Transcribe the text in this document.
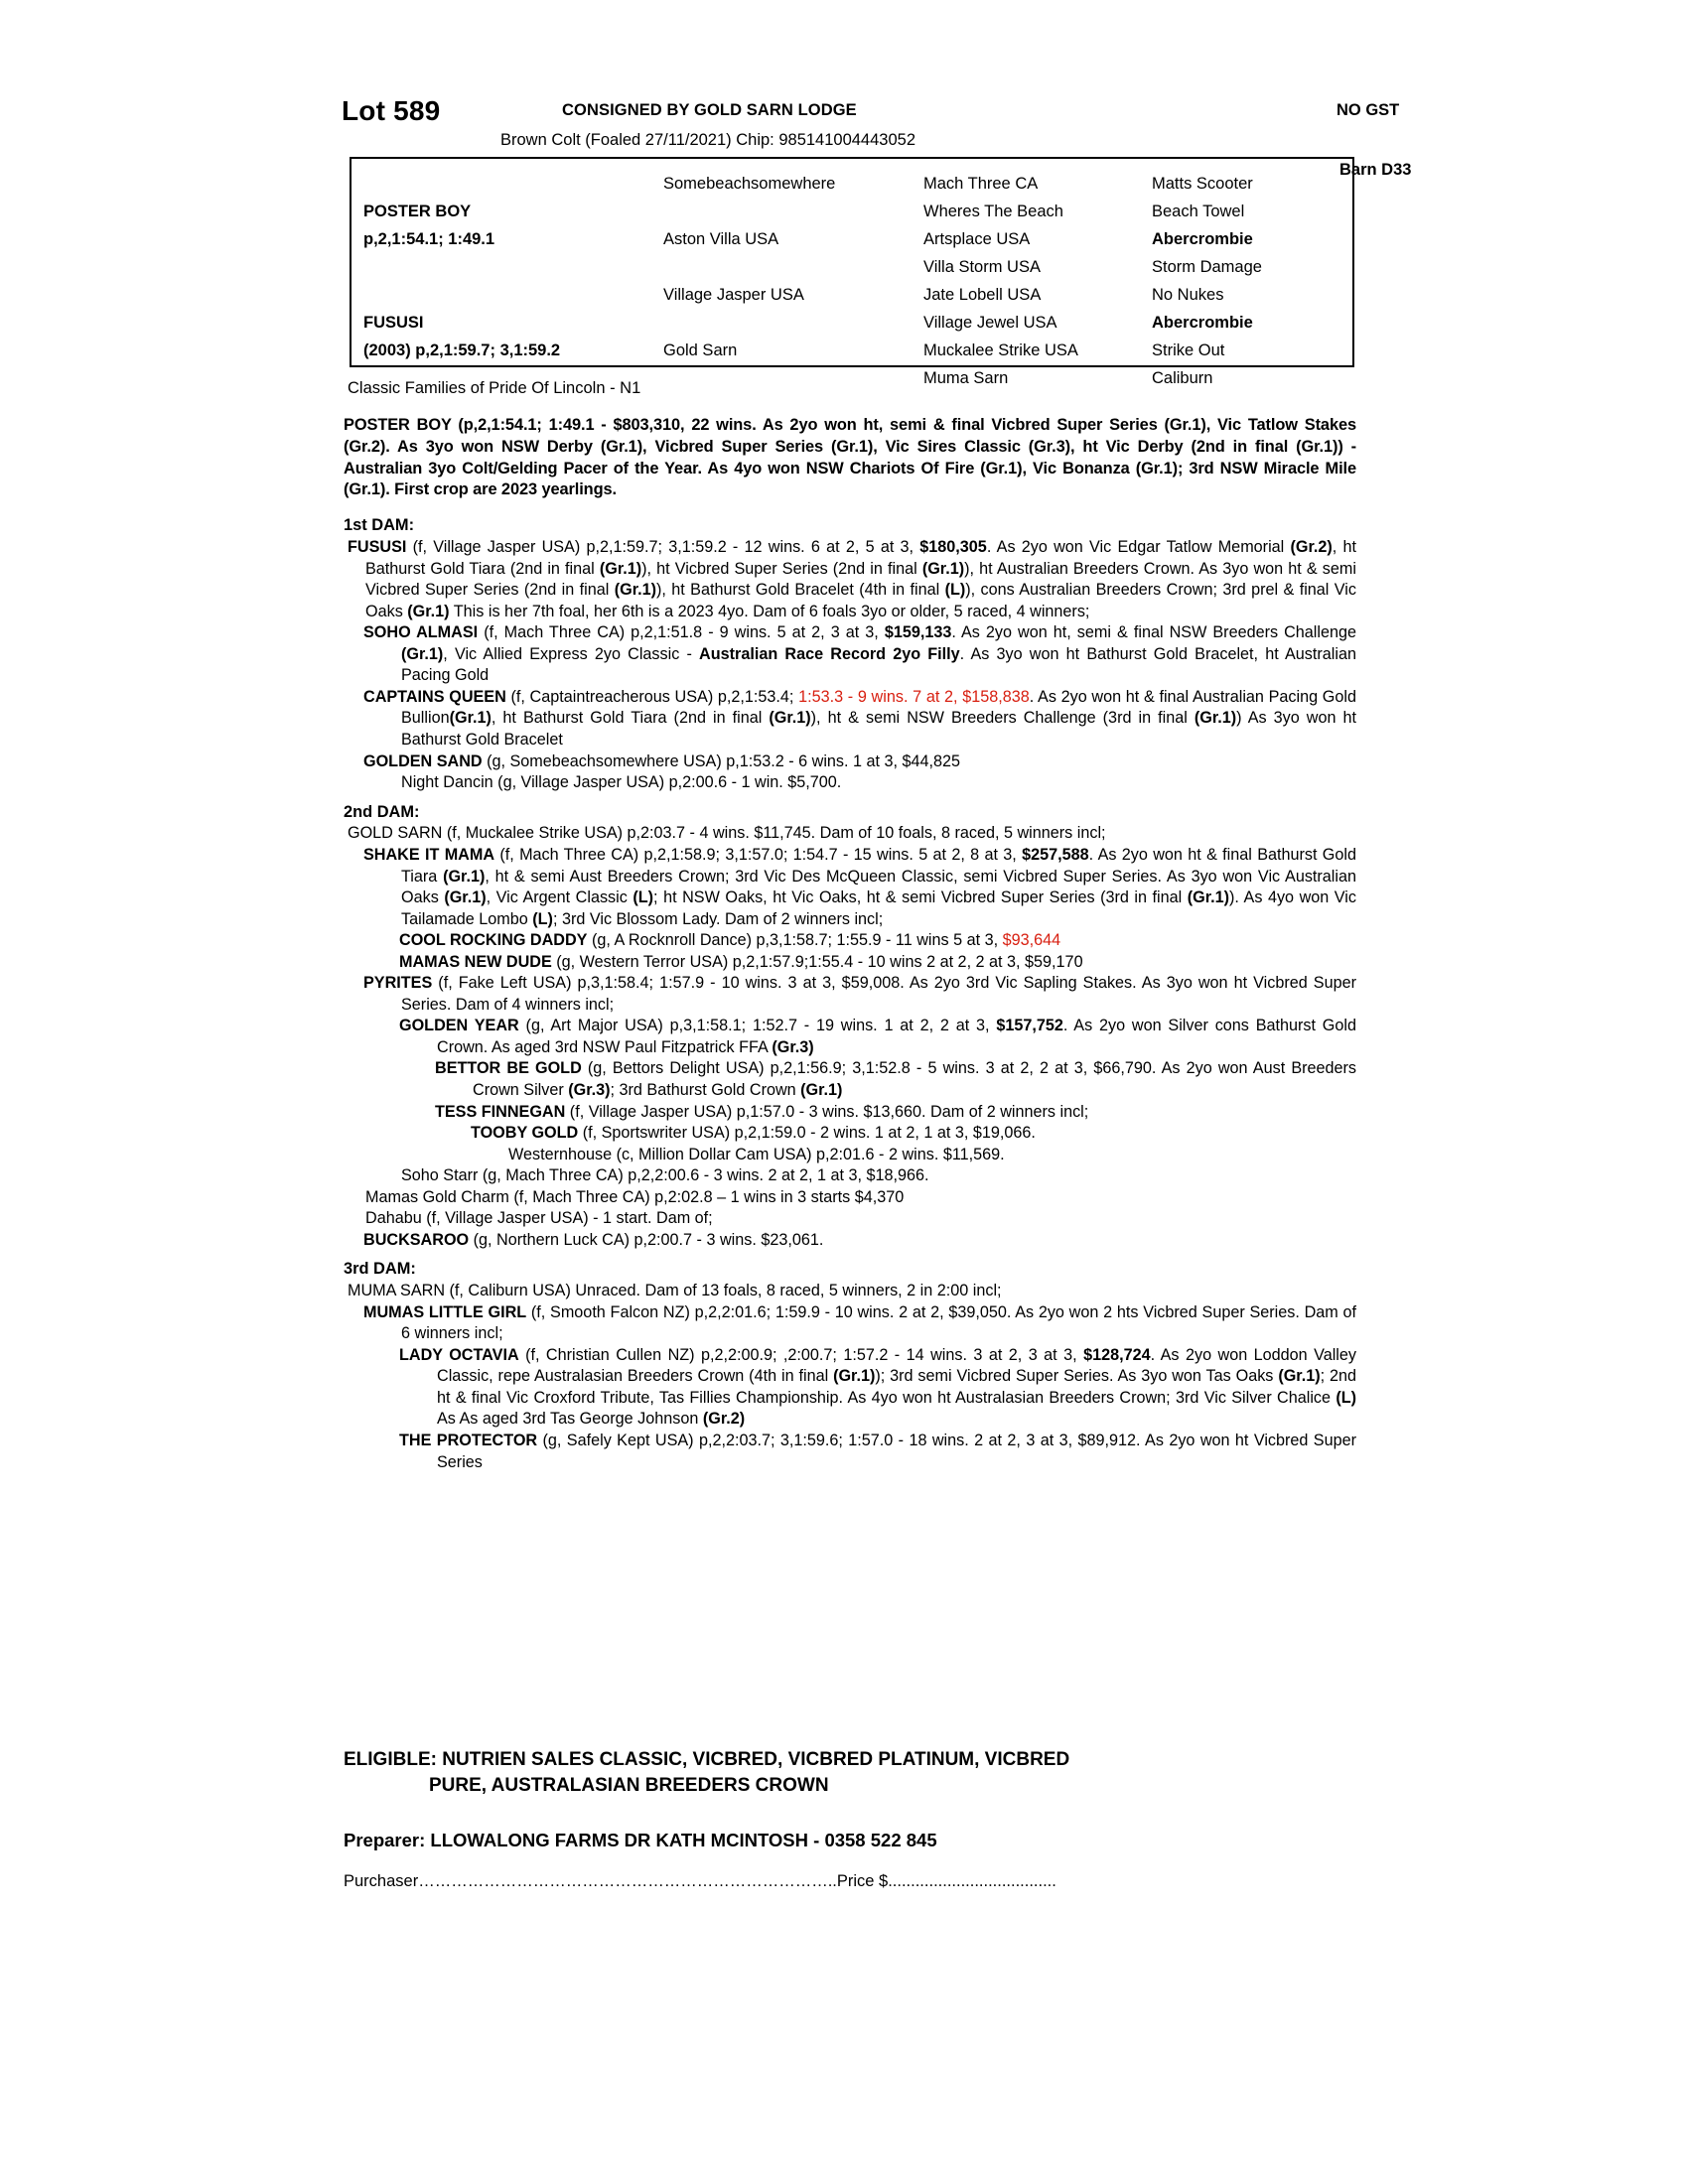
Lot 589	CONSIGNED BY GOLD SARN LODGE	NO GST
Brown Colt (Foaled 27/11/2021) Chip: 985141004443052
Barn D33
POSTER BOY
p,2,1:54.1; 1:49.1
FUSUSI
(2003) p,2,1:59.7; 3,1:59.2
Somebeachsomewhere
Aston Villa USA
Village Jasper USA
Gold Sarn
Mach Three CA
Wheres The Beach
Artsplace USA
Villa Storm USA
Jate Lobell USA
Village Jewel USA
Muckalee Strike USA
Muma Sarn
Matts Scooter
Beach Towel
Abercrombie
Storm Damage
No Nukes
Abercrombie
Strike Out
Caliburn
Classic Families of Pride Of Lincoln - N1

POSTER BOY (p,2,1:54.1; 1:49.1 - $803,310, 22 wins. As 2yo won ht, semi & final Vicbred Super Series (Gr.1), Vic Tatlow Stakes (Gr.2). As 3yo won NSW Derby (Gr.1), Vicbred Super Series (Gr.1), Vic Sires Classic (Gr.3), ht Vic Derby (2nd in final (Gr.1)) - Australian 3yo Colt/Gelding Pacer of the Year. As 4yo won NSW Chariots Of Fire (Gr.1), Vic Bonanza (Gr.1); 3rd NSW Miracle Mile (Gr.1). First crop are 2023 yearlings.

1st DAM:

FUSUSI (f, Village Jasper USA) p,2,1:59.7; 3,1:59.2 - 12 wins. 6 at 2, 5 at 3, $180,305. As 2yo won Vic Edgar Tatlow Memorial (Gr.2), ht Bathurst Gold Tiara (2nd in final (Gr.1)), ht Vicbred Super Series (2nd in final (Gr.1)), ht Australian Breeders Crown. As 3yo won ht & semi Vicbred Super Series (2nd in final (Gr.1)), ht Bathurst Gold Bracelet (4th in final (L)), cons Australian Breeders Crown; 3rd prel & final Vic Oaks (Gr.1) This is her 7th foal, her 6th is a 2023 4yo. Dam of 6 foals 3yo or older, 5 raced, 4 winners;

SOHO ALMASI (f, Mach Three CA) p,2,1:51.8 - 9 wins. 5 at 2, 3 at 3, $159,133. As 2yo won ht, semi & final NSW Breeders Challenge (Gr.1), Vic Allied Express 2yo Classic - Australian Race Record 2yo Filly. As 3yo won ht Bathurst Gold Bracelet, ht Australian Pacing Gold

CAPTAINS QUEEN (f, Captaintreacherous USA) p,2,1:53.4; 1:53.3 - 9 wins. 7 at 2, $158,838. As 2yo won ht & final Australian Pacing Gold Bullion(Gr.1), ht Bathurst Gold Tiara (2nd in final (Gr.1)), ht & semi NSW Breeders Challenge (3rd in final (Gr.1)) As 3yo won ht Bathurst Gold Bracelet

GOLDEN SAND (g, Somebeachsomewhere USA) p,1:53.2 - 6 wins. 1 at 3, $44,825

Night Dancin (g, Village Jasper USA) p,2:00.6 - 1 win. $5,700.

2nd DAM:

GOLD SARN (f, Muckalee Strike USA) p,2:03.7 - 4 wins. $11,745. Dam of 10 foals, 8 raced, 5 winners incl;

SHAKE IT MAMA (f, Mach Three CA) p,2,1:58.9; 3,1:57.0; 1:54.7 - 15 wins. 5 at 2, 8 at 3, $257,588. As 2yo won ht & final Bathurst Gold Tiara (Gr.1), ht & semi Aust Breeders Crown; 3rd Vic Des McQueen Classic, semi Vicbred Super Series. As 3yo won Vic Australian Oaks (Gr.1), Vic Argent Classic (L); ht NSW Oaks, ht Vic Oaks, ht & semi Vicbred Super Series (3rd in final (Gr.1)). As 4yo won Vic Tailamade Lombo (L); 3rd Vic Blossom Lady. Dam of 2 winners incl;

COOL ROCKING DADDY (g, A Rocknroll Dance) p,3,1:58.7; 1:55.9 - 11 wins 5 at 3, $93,644

MAMAS NEW DUDE (g, Western Terror USA) p,2,1:57.9;1:55.4 - 10 wins 2 at 2, 2 at 3, $59,170

PYRITES (f, Fake Left USA) p,3,1:58.4; 1:57.9 - 10 wins. 3 at 3, $59,008. As 2yo 3rd Vic Sapling Stakes. As 3yo won ht Vicbred Super Series. Dam of 4 winners incl;

GOLDEN YEAR (g, Art Major USA) p,3,1:58.1; 1:52.7 - 19 wins. 1 at 2, 2 at 3, $157,752. As 2yo won Silver cons Bathurst Gold Crown. As aged 3rd NSW Paul Fitzpatrick FFA (Gr.3)

BETTOR BE GOLD (g, Bettors Delight USA) p,2,1:56.9; 3,1:52.8 - 5 wins. 3 at 2, 2 at 3, $66,790. As 2yo won Aust Breeders Crown Silver (Gr.3); 3rd Bathurst Gold Crown (Gr.1)

TESS FINNEGAN (f, Village Jasper USA) p,1:57.0 - 3 wins. $13,660. Dam of 2 winners incl;

TOOBY GOLD (f, Sportswriter USA) p,2,1:59.0 - 2 wins. 1 at 2, 1 at 3, $19,066.

Westernhouse (c, Million Dollar Cam USA) p,2:01.6 - 2 wins. $11,569.

Soho Starr (g, Mach Three CA) p,2,2:00.6 - 3 wins. 2 at 2, 1 at 3, $18,966.

Mamas Gold Charm (f, Mach Three CA) p,2:02.8 – 1 wins in 3 starts $4,370

Dahabu (f, Village Jasper USA) - 1 start. Dam of;

BUCKSAROO (g, Northern Luck CA) p,2:00.7 - 3 wins. $23,061.

3rd DAM:

MUMA SARN (f, Caliburn USA) Unraced. Dam of 13 foals, 8 raced, 5 winners, 2 in 2:00 incl;

MUMAS LITTLE GIRL (f, Smooth Falcon NZ) p,2,2:01.6; 1:59.9 - 10 wins. 2 at 2, $39,050. As 2yo won 2 hts Vicbred Super Series. Dam of 6 winners incl;

LADY OCTAVIA (f, Christian Cullen NZ) p,2,2:00.9; ,2:00.7; 1:57.2 - 14 wins. 3 at 2, 3 at 3, $128,724. As 2yo won Loddon Valley Classic, repe Australasian Breeders Crown (4th in final (Gr.1)); 3rd semi Vicbred Super Series. As 3yo won Tas Oaks (Gr.1); 2nd ht & final Vic Croxford Tribute, Tas Fillies Championship. As 4yo won ht Australasian Breeders Crown; 3rd Vic Silver Chalice (L) As As aged 3rd Tas George Johnson (Gr.2)

THE PROTECTOR (g, Safely Kept USA) p,2,2:03.7; 3,1:59.6; 1:57.0 - 18 wins. 2 at 2, 3 at 3, $89,912. As 2yo won ht Vicbred Super Series

ELIGIBLE: NUTRIEN SALES CLASSIC, VICBRED, VICBRED PLATINUM, VICBRED
PURE, AUSTRALASIAN BREEDERS CROWN
Preparer: LLOWALONG FARMS DR KATH MCINTOSH - 0358 522 845
Purchaser…………………………………………………………………..Price $.....................................
